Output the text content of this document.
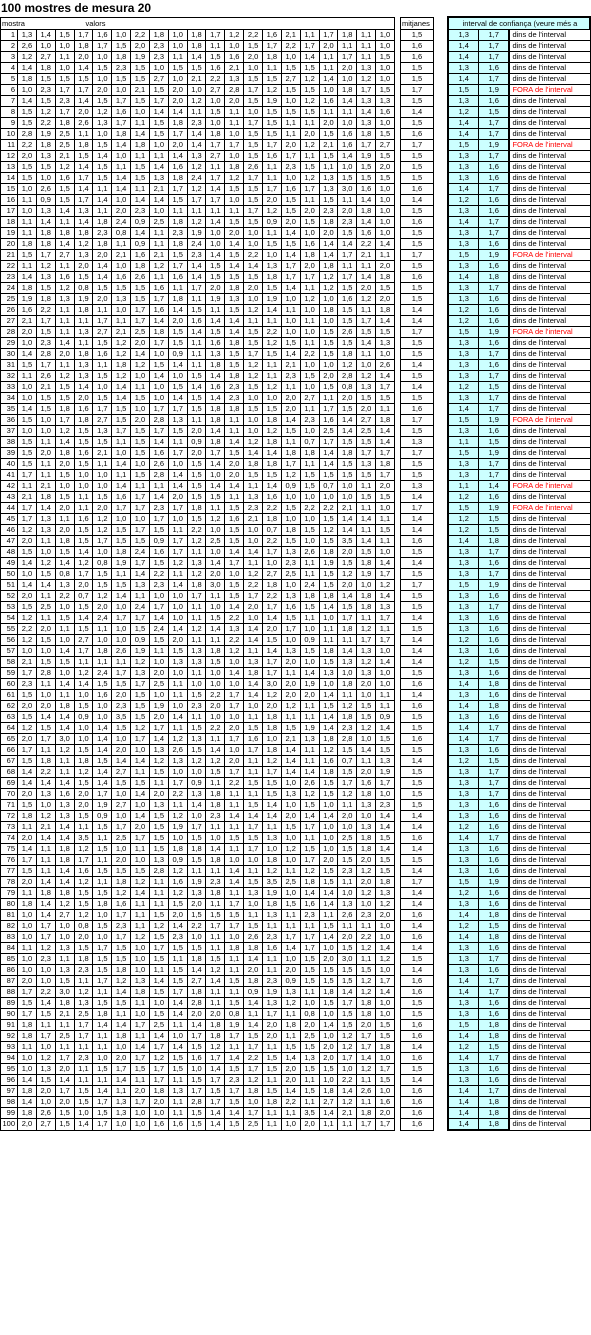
100 mostres de mesura 20
mostra	valors																					mitjanes		interval de confiança (veure més a		
1	1,3	1,4	1,5	1,7	1,6	1,0	2,2	1,8	1,0	1,8	1,7	1,2	2,2	1,6	2,1	1,1	1,7	1,8	1,1	1,0		1,5		1,3	1,7	dins de l'interval
2	2,6	1,0	1,0	1,8	1,7	1,5	2,0	2,3	1,0	1,8	1,1	1,0	1,5	1,7	2,2	1,7	2,0	1,1	1,1	1,0		1,6		1,4	1,7	dins de l'interval
3	1,2	2,7	1,1	2,0	1,0	1,8	1,9	2,3	1,1	1,4	1,5	1,6	2,0	1,8	1,0	1,4	1,1	1,7	1,1	1,5		1,6		1,4	1,7	dins de l'interval
4	1,4	1,8	1,0	1,4	1,5	2,3	1,5	1,0	1,5	1,5	1,6	2,1	1,0	1,1	1,5	1,5	1,1	2,0	1,3	1,0		1,5		1,3	1,6	dins de l'interval
5	1,8	1,5	1,5	1,5	1,0	1,5	1,5	2,7	1,0	2,1	2,2	1,3	1,5	1,5	2,7	1,2	1,4	1,0	1,2	1,0		1,5		1,4	1,7	dins de l'interval
6	1,0	2,3	1,7	1,7	2,0	1,0	2,1	1,5	2,0	1,0	2,7	2,8	1,7	1,2	1,5	1,5	1,0	1,8	1,7	1,5		1,7		1,5	1,9	FORA de l'interval
7	1,4	1,5	2,3	1,4	1,5	1,7	1,5	1,7	2,0	1,2	1,0	2,0	1,5	1,9	1,0	1,2	1,6	1,4	1,3	1,3		1,5		1,3	1,6	dins de l'interval
8	1,5	1,2	1,7	2,0	1,2	1,6	1,0	1,4	1,4	1,1	1,5	1,1	1,0	1,5	1,5	1,5	1,1	1,1	1,4	1,6		1,4		1,2	1,5	dins de l'interval
9	1,5	2,2	1,8	2,6	1,3	1,7	1,1	1,5	1,8	2,3	1,0	1,1	1,7	1,5	1,1	1,1	2,0	1,0	1,3	1,0		1,5		1,4	1,7	dins de l'interval
10	2,8	1,9	2,5	1,1	1,0	1,8	1,4	1,5	1,7	1,4	1,8	1,0	1,5	1,5	1,1	2,0	1,5	1,6	1,8	1,5		1,6		1,4	1,7	dins de l'interval
11	2,2	1,8	2,5	1,8	1,5	1,4	1,8	1,0	2,0	1,4	1,7	1,7	1,5	1,7	2,0	1,2	2,1	1,6	1,7	2,7		1,7		1,5	1,9	FORA de l'interval
12	2,0	1,3	2,1	1,5	1,4	1,0	1,1	1,1	1,4	1,3	2,7	1,0	1,5	1,6	1,7	1,1	1,5	1,4	1,9	1,5		1,5		1,3	1,7	dins de l'interval
13	1,5	1,5	1,2	1,4	1,5	1,1	1,5	1,4	1,6	1,2	1,1	1,8	2,6	1,1	2,3	1,5	1,1	1,0	1,5	2,0		1,5		1,3	1,6	dins de l'interval
14	1,5	1,0	1,6	1,7	1,5	1,4	1,5	1,3	1,8	2,4	1,7	1,2	1,7	1,1	1,0	1,2	1,3	1,5	1,5	1,5		1,5		1,3	1,6	dins de l'interval
15	1,0	2,6	1,5	1,4	1,1	1,4	1,1	2,1	1,7	1,2	1,4	1,5	1,5	1,7	1,6	1,7	1,3	3,0	1,6	1,0		1,6		1,4	1,7	dins de l'interval
16	1,1	0,9	1,5	1,7	1,4	1,0	1,4	1,4	1,5	1,7	1,7	1,0	1,5	2,0	1,5	1,1	1,5	1,1	1,4	1,0		1,4		1,2	1,6	dins de l'interval
17	1,0	1,3	1,4	1,3	1,1	2,0	2,3	1,0	1,1	1,1	1,1	1,1	1,7	1,2	1,5	2,0	2,3	2,0	1,8	1,0		1,5		1,3	1,6	dins de l'interval
18	1,1	1,4	1,1	1,4	1,8	2,4	0,9	2,5	1,8	1,2	1,4	1,5	1,5	0,9	2,0	1,5	1,8	2,3	1,4	1,0		1,6		1,4	1,7	dins de l'interval
19	1,1	1,8	1,8	1,8	2,3	0,8	1,4	1,1	2,3	1,9	1,0	2,0	1,0	1,1	1,4	1,0	2,0	1,5	1,6	1,0		1,5		1,3	1,7	dins de l'interval
20	1,8	1,8	1,4	1,2	1,8	1,1	0,9	1,1	1,8	2,4	1,0	1,4	1,0	1,5	1,5	1,6	1,4	1,4	2,2	1,4		1,5		1,3	1,6	dins de l'interval
21	1,5	1,7	2,7	1,3	2,0	2,1	1,6	2,1	1,5	2,3	1,4	1,5	2,2	1,0	1,4	1,8	1,4	1,7	2,1	1,1		1,7		1,5	1,9	FORA de l'interval
22	1,1	1,2	1,1	2,0	1,4	1,0	1,8	1,2	1,7	1,4	1,5	1,4	1,4	1,3	1,7	2,0	1,8	1,1	1,1	2,0		1,5		1,3	1,6	dins de l'interval
23	1,4	1,3	1,6	1,5	1,4	1,6	2,6	1,1	1,6	1,4	1,5	1,5	1,5	1,8	1,7	1,7	1,2	1,7	1,4	1,8		1,6		1,4	1,8	dins de l'interval
24	1,8	1,5	1,2	0,8	1,5	1,5	1,5	1,6	1,1	1,7	2,0	1,8	2,0	1,5	1,4	1,1	1,2	1,5	2,0	1,5		1,5		1,3	1,7	dins de l'interval
25	1,9	1,8	1,3	1,9	2,0	1,3	1,5	1,7	1,8	1,1	1,9	1,3	1,0	1,9	1,0	1,2	1,0	1,6	1,2	2,0		1,5		1,3	1,6	dins de l'interval
26	1,6	2,2	1,1	1,8	1,1	1,0	1,7	1,6	1,4	1,5	1,1	1,5	1,2	1,4	1,1	1,0	1,8	1,5	1,1	1,8		1,4		1,2	1,6	dins de l'interval
27	2,1	1,7	1,1	1,1	1,7	1,1	1,7	1,4	2,0	1,6	1,4	1,4	1,1	1,1	1,0	1,1	1,0	1,5	1,7	1,4		1,4		1,2	1,6	dins de l'interval
28	2,0	1,5	1,1	1,3	2,7	2,1	2,5	1,8	1,5	1,4	1,5	1,4	1,5	2,2	1,0	1,0	1,5	2,6	1,5	1,5		1,7		1,5	1,9	FORA de l'interval
29	1,0	2,3	1,4	1,1	1,5	1,2	2,0	1,7	1,5	1,1	1,6	1,8	1,5	1,2	1,5	1,1	1,5	1,5	1,4	1,3		1,5		1,3	1,6	dins de l'interval
30	1,4	2,8	2,0	1,8	1,6	1,2	1,4	1,0	0,9	1,1	1,3	1,5	1,7	1,5	1,4	2,2	1,5	1,8	1,1	1,0		1,5		1,3	1,7	dins de l'interval
31	1,5	1,7	1,1	1,3	1,1	1,8	1,2	1,5	1,4	1,1	1,8	1,5	1,2	1,1	2,1	1,0	1,0	1,2	1,0	2,6		1,4		1,3	1,6	dins de l'interval
32	1,1	2,6	1,2	1,3	1,5	1,2	1,0	1,4	1,0	1,5	1,4	1,8	1,2	1,1	2,3	1,5	2,0	2,8	1,2	1,4		1,5		1,3	1,7	dins de l'interval
33	1,0	2,1	1,5	1,4	1,0	1,4	1,1	1,0	1,5	1,4	1,6	2,3	1,5	1,2	1,1	1,0	1,5	0,8	1,3	1,7		1,4		1,2	1,5	dins de l'interval
34	1,0	1,5	1,5	2,0	1,5	1,4	1,5	1,0	1,4	1,5	1,4	2,3	1,0	1,0	2,0	2,7	1,1	2,0	1,5	1,5		1,5		1,3	1,7	dins de l'interval
35	1,4	1,5	1,8	1,6	1,7	1,5	1,0	1,7	1,7	1,5	1,8	1,8	1,5	1,5	2,0	1,1	1,7	1,5	2,0	1,1		1,6		1,4	1,7	dins de l'interval
36	1,5	1,0	1,7	1,8	2,7	1,5	2,0	2,8	1,3	1,1	1,8	1,1	1,0	1,8	1,4	2,3	1,6	1,4	2,7	1,8		1,7		1,5	1,9	FORA de l'interval
37	1,0	1,0	1,2	1,5	1,3	1,7	1,5	1,7	1,5	2,0	1,4	1,1	1,0	1,2	1,5	1,0	2,5	1,4	2,5	1,4		1,5		1,3	1,6	dins de l'interval
38	1,5	1,1	1,4	1,5	1,5	1,1	1,5	1,4	1,1	0,9	1,8	1,4	1,2	1,8	1,1	0,7	1,7	1,5	1,5	1,4		1,3		1,1	1,5	dins de l'interval
39	1,5	2,0	1,8	1,6	2,1	1,0	1,5	1,6	1,7	2,0	1,7	1,5	1,4	1,4	1,8	1,8	1,4	1,8	1,7	1,7		1,7		1,5	1,9	dins de l'interval
40	1,5	1,1	2,0	1,5	1,1	1,4	1,0	2,6	1,0	1,5	1,4	2,0	1,8	1,8	1,7	1,1	1,4	1,5	1,3	1,8		1,5		1,3	1,7	dins de l'interval
41	1,7	1,1	1,5	1,0	1,0	1,1	1,5	2,8	1,4	1,5	1,0	2,0	1,5	1,5	1,2	1,5	1,5	1,5	1,5	1,7		1,5		1,3	1,7	dins de l'interval
42	1,1	2,1	1,0	1,0	1,0	1,4	1,1	1,1	1,4	1,5	1,4	1,4	1,1	1,4	0,9	1,5	0,7	1,0	1,1	2,0		1,3		1,1	1,4	FORA de l'interval
43	2,1	1,8	1,5	1,1	1,5	1,6	1,7	1,4	2,0	1,5	1,5	1,1	1,3	1,6	1,0	1,0	1,0	1,0	1,5	1,5		1,4		1,2	1,6	dins de l'interval
44	1,7	1,4	2,0	1,1	2,0	1,7	1,7	2,3	1,7	1,8	1,1	1,5	2,3	2,2	1,5	2,2	2,2	2,1	1,1	1,0		1,7		1,5	1,9	FORA de l'interval
45	1,7	1,3	1,1	1,6	1,2	1,0	1,0	1,7	1,0	1,5	1,2	1,6	2,1	1,8	1,0	1,0	1,5	1,4	1,4	1,1		1,4		1,2	1,5	dins de l'interval
46	1,2	1,3	2,0	1,5	1,2	1,5	1,7	1,5	1,1	2,2	1,0	1,5	1,0	0,7	1,8	1,5	1,2	1,4	1,1	1,5		1,4		1,2	1,5	dins de l'interval
47	2,0	1,1	1,8	1,5	1,7	1,5	1,5	0,9	1,7	1,2	2,5	1,5	1,0	2,2	1,5	1,0	1,5	3,5	1,4	1,1		1,6		1,4	1,8	dins de l'interval
48	1,5	1,0	1,5	1,4	1,0	1,8	2,4	1,6	1,7	1,1	1,0	1,4	1,4	1,7	1,3	2,6	1,8	2,0	1,5	1,0		1,5		1,3	1,7	dins de l'interval
49	1,4	1,2	1,4	1,2	0,8	1,9	1,7	1,5	1,2	1,3	1,4	1,7	1,1	1,0	2,3	1,1	1,9	1,5	1,8	1,4		1,4		1,3	1,6	dins de l'interval
50	1,0	1,5	0,8	1,7	1,5	1,1	1,4	2,2	1,1	1,2	2,0	1,0	1,2	2,7	2,5	1,1	1,5	1,2	1,9	1,7		1,5		1,3	1,7	dins de l'interval
51	1,4	1,4	1,3	2,0	1,5	1,5	1,3	2,3	1,4	1,8	3,0	1,5	2,2	1,8	1,0	2,4	1,5	2,0	1,0	1,2		1,7		1,5	1,9	dins de l'interval
52	2,0	1,1	2,2	0,7	1,2	1,4	1,1	1,0	1,0	1,7	1,1	1,5	1,7	2,2	1,3	1,8	1,8	1,4	1,8	1,4		1,5		1,3	1,6	dins de l'interval
53	1,5	2,5	1,0	1,5	2,0	1,0	2,4	1,7	1,0	1,1	1,0	1,4	2,0	1,7	1,6	1,5	1,4	1,5	1,8	1,3		1,5		1,3	1,7	dins de l'interval
54	1,2	1,1	1,5	1,4	2,4	1,7	1,7	1,4	1,0	1,1	1,5	2,2	1,0	1,4	1,5	1,1	1,0	1,7	1,1	1,7		1,4		1,3	1,6	dins de l'interval
55	2,2	2,0	1,1	1,5	1,1	1,0	1,5	2,4	1,4	1,2	1,4	1,3	1,4	2,0	1,7	1,0	1,1	1,8	1,2	1,1		1,5		1,3	1,6	dins de l'interval
56	1,2	1,5	1,0	2,7	1,0	1,0	0,9	1,5	2,0	1,1	1,1	2,2	1,4	1,5	1,0	0,9	1,1	1,1	1,7	1,7		1,4		1,2	1,6	dins de l'interval
57	1,0	1,0	1,4	1,7	1,8	2,6	1,9	1,1	1,5	1,3	1,8	1,2	1,1	1,4	1,3	1,5	1,8	1,4	1,3	1,0		1,4		1,3	1,6	dins de l'interval
58	2,1	1,5	1,5	1,1	1,1	1,1	1,2	1,0	1,3	1,3	1,5	1,0	1,3	1,7	2,0	1,0	1,5	1,3	1,2	1,4		1,4		1,2	1,5	dins de l'interval
59	1,7	2,8	1,0	1,2	2,4	1,7	1,3	2,0	1,0	1,1	1,0	1,4	1,8	1,7	1,1	1,4	1,3	1,0	1,3	1,0		1,5		1,3	1,6	dins de l'interval
60	2,3	1,1	1,4	1,4	1,5	1,5	1,7	2,5	1,1	1,0	1,0	1,0	1,4	3,0	2,0	1,9	1,0	1,8	2,0	1,0		1,6		1,4	1,8	dins de l'interval
61	1,5	1,0	1,1	1,0	1,6	2,0	1,5	1,0	1,1	1,5	2,2	1,7	1,4	1,2	2,0	2,0	1,4	1,1	1,0	1,1		1,4		1,3	1,6	dins de l'interval
62	2,0	2,0	1,8	1,5	1,0	2,3	1,5	1,9	1,0	2,3	2,0	1,7	1,0	2,0	1,2	1,1	1,5	1,2	1,5	1,1		1,6		1,4	1,8	dins de l'interval
63	1,5	1,4	1,4	0,9	1,0	3,5	1,5	2,0	1,4	1,1	1,0	1,0	1,1	1,8	1,1	1,1	1,4	1,8	1,5	0,9		1,5		1,3	1,6	dins de l'interval
64	1,2	1,5	1,4	1,0	1,4	1,5	1,2	1,7	1,1	1,5	2,2	2,0	1,5	1,8	1,5	1,9	1,4	2,3	1,2	1,4		1,5		1,4	1,7	dins de l'interval
65	2,0	1,7	3,0	1,0	1,4	1,0	1,7	1,4	1,2	1,3	1,1	1,7	1,6	1,0	2,1	1,3	1,8	2,8	1,0	1,5		1,6		1,4	1,7	dins de l'interval
66	1,7	1,1	1,2	1,5	1,4	2,0	1,0	1,3	2,6	1,5	1,4	1,0	1,7	1,8	1,4	1,1	1,2	1,5	1,4	1,5		1,5		1,3	1,6	dins de l'interval
67	1,5	1,8	1,1	1,8	1,5	1,4	1,4	1,2	1,3	1,2	1,2	2,0	1,1	1,2	1,4	1,1	1,6	0,7	1,1	1,3		1,4		1,2	1,5	dins de l'interval
68	1,4	2,2	1,1	1,2	1,4	2,7	1,1	1,5	1,0	1,0	1,5	1,7	1,1	1,7	1,4	1,4	1,8	1,5	2,0	1,9		1,5		1,3	1,7	dins de l'interval
69	1,4	1,4	1,4	1,5	1,4	1,5	1,5	1,1	1,7	0,9	1,1	2,2	1,5	1,5	1,0	2,6	1,5	1,7	1,6	1,7		1,5		1,3	1,7	dins de l'interval
70	2,0	1,3	1,6	2,0	1,7	1,0	1,4	2,0	2,2	1,3	1,8	1,1	1,1	1,5	1,3	1,2	1,5	1,2	1,8	1,0		1,5		1,3	1,7	dins de l'interval
71	1,5	1,0	1,3	2,0	1,9	2,7	1,0	1,3	1,1	1,4	1,8	1,1	1,5	1,4	1,0	1,5	1,0	1,1	1,3	2,3		1,5		1,3	1,6	dins de l'interval
72	1,8	1,2	1,3	1,5	0,9	1,0	1,4	1,5	1,2	1,0	2,3	1,4	1,4	1,4	2,0	1,4	1,4	2,0	1,0	1,4		1,4		1,3	1,6	dins de l'interval
73	1,1	2,1	1,4	1,1	1,5	1,7	2,0	1,5	1,9	1,7	1,1	1,1	1,7	1,1	1,5	1,7	1,0	1,0	1,3	1,4		1,4		1,2	1,6	dins de l'interval
74	2,0	1,4	1,4	3,5	1,1	2,5	1,7	1,5	1,0	1,5	1,0	1,5	1,5	1,3	1,0	1,1	1,0	2,5	1,8	1,5		1,6		1,4	1,7	dins de l'interval
75	1,4	1,1	1,8	1,2	1,5	1,0	1,1	1,5	1,8	1,8	1,4	1,1	1,7	1,0	1,2	1,5	1,0	1,5	1,8	1,4		1,4		1,3	1,6	dins de l'interval
76	1,7	1,1	1,8	1,7	1,1	2,0	1,0	1,3	0,9	1,5	1,8	1,0	1,0	1,8	1,0	1,7	2,0	1,5	2,0	1,5		1,5		1,3	1,6	dins de l'interval
77	1,5	1,1	1,4	1,6	1,5	1,5	1,5	2,8	1,2	1,1	1,1	1,4	1,1	1,2	1,1	1,2	1,5	2,3	1,2	1,5		1,4		1,3	1,6	dins de l'interval
78	2,0	1,4	1,4	1,2	1,1	1,8	1,2	1,1	1,6	1,9	2,3	1,4	1,5	3,5	2,5	1,8	1,5	1,1	2,0	1,8		1,7		1,5	1,9	dins de l'interval
79	1,1	1,8	1,8	1,5	1,5	1,2	1,4	1,1	1,2	1,3	1,8	1,1	1,3	1,9	1,0	1,4	1,4	1,0	1,2	1,3		1,4		1,2	1,6	dins de l'interval
80	1,8	1,4	1,2	1,5	1,8	1,6	1,1	1,1	1,5	2,0	1,1	1,7	1,0	1,8	1,5	1,6	1,4	1,3	1,0	1,2		1,4		1,3	1,6	dins de l'interval
81	1,0	1,4	2,7	1,2	1,0	1,7	1,1	1,5	2,0	1,5	1,5	1,5	1,1	1,3	1,1	2,3	1,1	2,6	2,3	2,0		1,6		1,4	1,8	dins de l'interval
82	1,0	1,7	1,0	0,8	1,5	2,3	1,1	1,2	1,4	2,2	1,7	1,7	1,5	1,1	1,1	1,1	1,5	1,1	1,1	1,0		1,4		1,2	1,5	dins de l'interval
83	1,0	1,7	1,0	2,0	1,0	1,7	1,2	1,5	2,3	1,0	1,1	1,0	2,6	2,3	1,7	1,7	1,4	2,0	2,2	1,0		1,6		1,4	1,8	dins de l'interval
84	1,1	1,2	1,3	1,5	1,7	1,5	1,0	1,7	1,5	1,5	1,1	1,8	1,8	1,6	1,4	1,7	1,0	1,5	1,2	1,4		1,4		1,3	1,6	dins de l'interval
85	1,0	2,3	1,1	1,8	1,5	1,5	1,0	1,5	1,1	1,8	1,5	1,1	1,4	1,1	1,0	1,5	2,0	3,0	1,1	1,2		1,5		1,3	1,7	dins de l'interval
86	1,0	1,0	1,3	2,3	1,5	1,8	1,0	1,1	1,5	1,4	1,2	1,1	2,0	1,1	2,0	1,5	1,5	1,5	1,5	1,0		1,4		1,3	1,6	dins de l'interval
87	2,0	1,0	1,5	1,1	1,7	1,2	1,3	1,4	1,5	2,7	1,4	1,5	1,8	2,3	0,9	1,5	1,5	1,5	1,2	1,7		1,6		1,4	1,7	dins de l'interval
88	1,7	2,2	3,0	1,2	1,1	1,4	1,8	1,5	1,7	1,8	1,1	1,1	0,9	1,9	1,3	1,1	1,8	1,4	1,2	1,4		1,6		1,4	1,7	dins de l'interval
89	1,5	1,4	1,8	1,3	1,5	1,5	1,1	1,0	1,4	2,8	1,1	1,5	1,4	1,3	1,2	1,0	1,5	1,7	1,8	1,0		1,5		1,3	1,6	dins de l'interval
90	1,7	1,5	2,1	2,5	1,8	1,1	1,0	1,5	1,4	2,0	2,0	0,8	1,1	1,7	1,1	0,8	1,0	1,5	1,8	1,0		1,5		1,3	1,6	dins de l'interval
91	1,8	1,1	1,1	1,7	1,4	1,4	1,7	2,5	1,1	1,4	1,8	1,9	1,4	2,0	1,8	2,0	1,4	1,5	2,0	1,5		1,6		1,5	1,8	dins de l'interval
92	1,8	1,7	2,5	1,7	1,1	1,8	1,1	1,4	1,0	1,7	1,8	1,7	1,5	2,0	1,1	2,5	1,0	1,2	1,7	1,5		1,6		1,4	1,8	dins de l'interval
93	1,1	1,0	1,1	1,1	1,1	1,0	1,4	1,7	1,4	1,5	1,2	1,1	1,7	1,1	1,5	1,5	2,0	1,2	1,7	1,8		1,4		1,2	1,5	dins de l'interval
94	1,0	1,2	1,7	2,3	1,0	2,0	1,7	1,2	1,5	1,6	1,7	1,4	2,2	1,5	1,4	1,3	2,0	1,7	1,4	1,0		1,6		1,4	1,7	dins de l'interval
95	1,0	1,3	2,0	1,1	1,5	1,7	1,5	1,7	1,5	1,0	1,4	1,5	1,7	1,5	2,0	1,5	1,5	1,0	1,2	1,7		1,5		1,3	1,6	dins de l'interval
96	1,4	1,5	1,4	1,1	1,1	1,4	1,1	1,7	1,1	1,5	1,7	2,3	1,2	1,1	2,0	1,1	1,0	2,2	1,1	1,5		1,4		1,3	1,6	dins de l'interval
97	1,8	2,0	1,7	1,5	1,4	1,1	2,0	1,8	1,3	1,7	1,5	1,7	1,8	1,5	1,4	1,5	1,8	1,4	2,6	1,0		1,6		1,4	1,7	dins de l'interval
98	1,4	1,0	2,0	1,5	1,7	1,3	1,7	2,0	1,1	2,8	1,7	1,5	1,0	1,8	2,2	1,1	2,7	1,2	1,1	1,6		1,6		1,4	1,8	dins de l'interval
99	1,8	2,6	1,5	1,0	1,5	1,3	1,0	1,0	1,1	1,5	1,4	1,4	1,7	1,1	1,1	3,5	1,4	2,1	1,8	2,0		1,6		1,4	1,8	dins de l'interval
100	2,0	2,7	1,5	1,4	1,7	1,0	1,0	1,6	1,6	1,5	1,4	1,5	2,5	1,1	1,0	2,0	1,1	1,1	1,7	1,7		1,6		1,4	1,8	dins de l'interval
